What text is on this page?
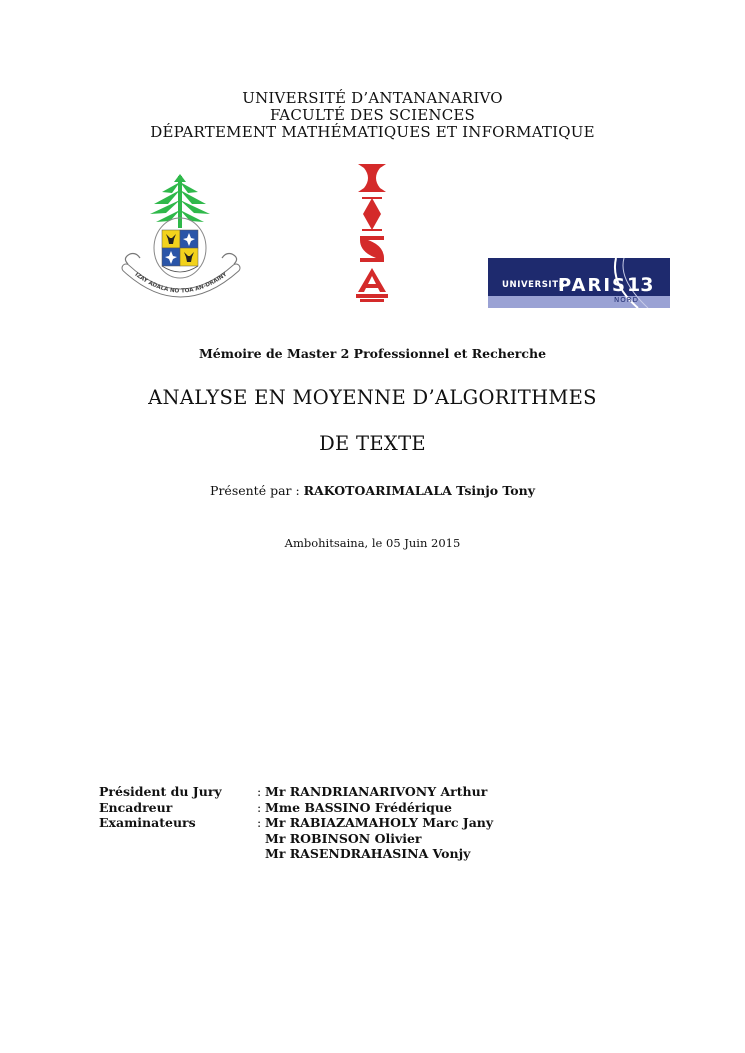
UNIVERSITÉ D’ANTANANARIVO
FACULTÉ DES SCIENCES
DÉPARTEMENT MATHÉMATIQUES ET INFORMATIQUE
IZAY ADALA NO TOA AN-DRAINY
UNIVERSITÉ
PARIS 13
NORD
Mémoire de Master 2 Professionnel et Recherche
ANALYSE EN MOYENNE D’ALGORITHMES
DE TEXTE
Présenté par : RAKOTOARIMALALA Tsinjo Tony
Ambohitsaina, le 05 Juin 2015
Président du Jury	: Mr RANDRIANARIVONY Arthur
Encadreur	: Mme BASSINO Frédérique
Examinateurs	: Mr RABIAZAMAHOLY Marc Jany
Mr ROBINSON Olivier
Mr RASENDRAHASINA Vonjy
